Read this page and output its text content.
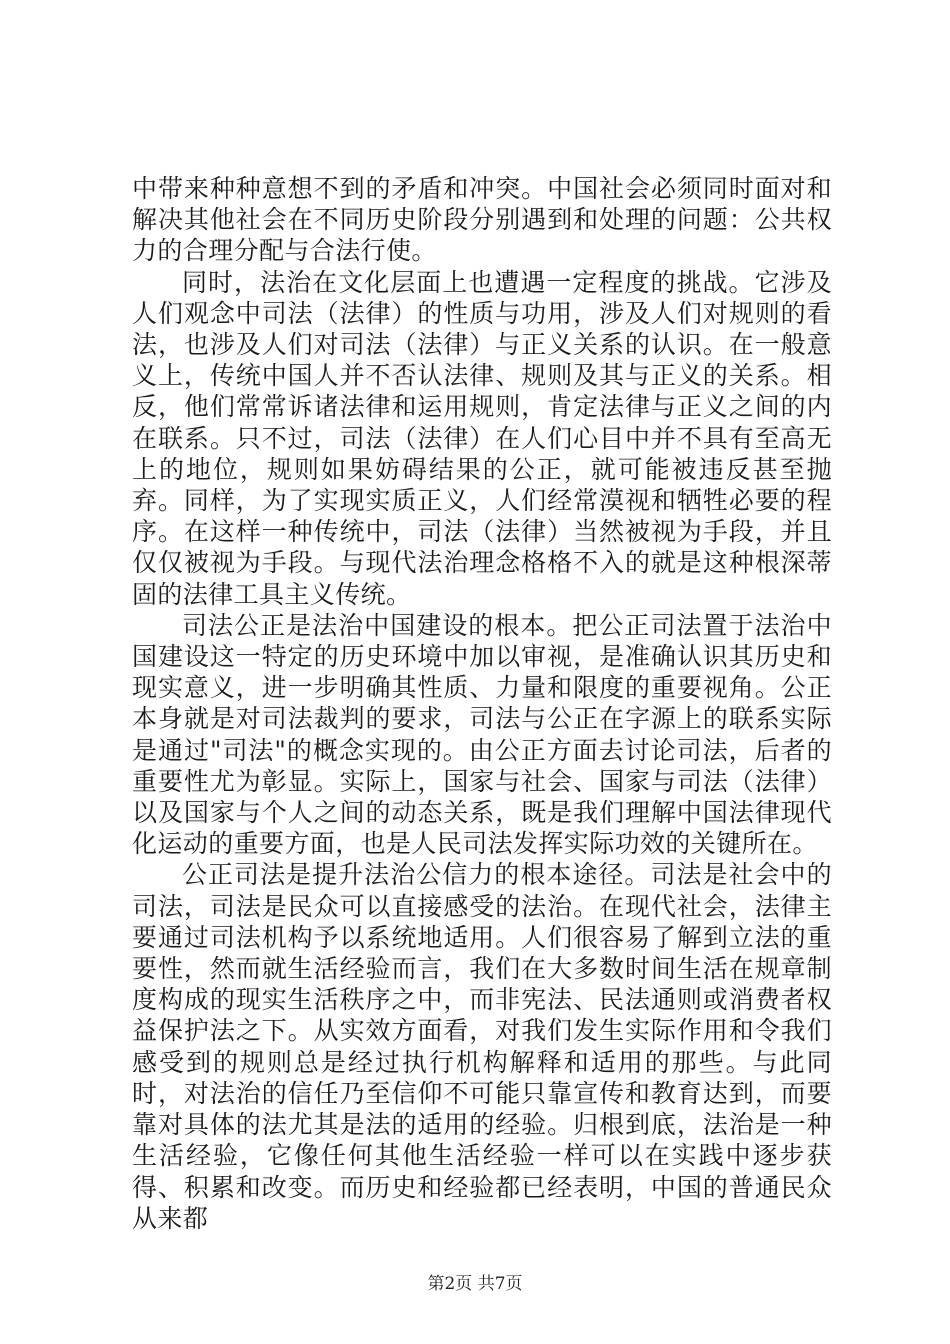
中带来种种意想不到的矛盾和冲突。中国社会必须同时面对和解决其他社会在不同历史阶段分别遇到和处理的问题：公共权力的合理分配与合法行使。

同时，法治在文化层面上也遭遇一定程度的挑战。它涉及人们观念中司法（法律）的性质与功用，涉及人们对规则的看法，也涉及人们对司法（法律）与正义关系的认识。在一般意义上，传统中国人并不否认法律、规则及其与正义的关系。相反，他们常常诉诸法律和运用规则，肯定法律与正义之间的内在联系。只不过，司法（法律）在人们心目中并不具有至高无上的地位，规则如果妨碍结果的公正，就可能被违反甚至抛弃。同样，为了实现实质正义，人们经常漠视和牺牲必要的程序。在这样一种传统中，司法（法律）当然被视为手段，并且仅仅被视为手段。与现代法治理念格格不入的就是这种根深蒂固的法律工具主义传统。

司法公正是法治中国建设的根本。把公正司法置于法治中国建设这一特定的历史环境中加以审视，是准确认识其历史和现实意义，进一步明确其性质、力量和限度的重要视角。公正本身就是对司法裁判的要求，司法与公正在字源上的联系实际是通过"司法"的概念实现的。由公正方面去讨论司法，后者的重要性尤为彰显。实际上，国家与社会、国家与司法（法律）以及国家与个人之间的动态关系，既是我们理解中国法律现代化运动的重要方面，也是人民司法发挥实际功效的关键所在。

公正司法是提升法治公信力的根本途径。司法是社会中的司法，司法是民众可以直接感受的法治。在现代社会，法律主要通过司法机构予以系统地适用。人们很容易了解到立法的重要性，然而就生活经验而言，我们在大多数时间生活在规章制度构成的现实生活秩序之中，而非宪法、民法通则或消费者权益保护法之下。从实效方面看，对我们发生实际作用和令我们感受到的规则总是经过执行机构解释和适用的那些。与此同时，对法治的信任乃至信仰不可能只靠宣传和教育达到，而要靠对具体的法尤其是法的适用的经验。归根到底，法治是一种生活经验，它像任何其他生活经验一样可以在实践中逐步获得、积累和改变。而历史和经验都已经表明，中国的普通民众从来都

第2页 共7页
